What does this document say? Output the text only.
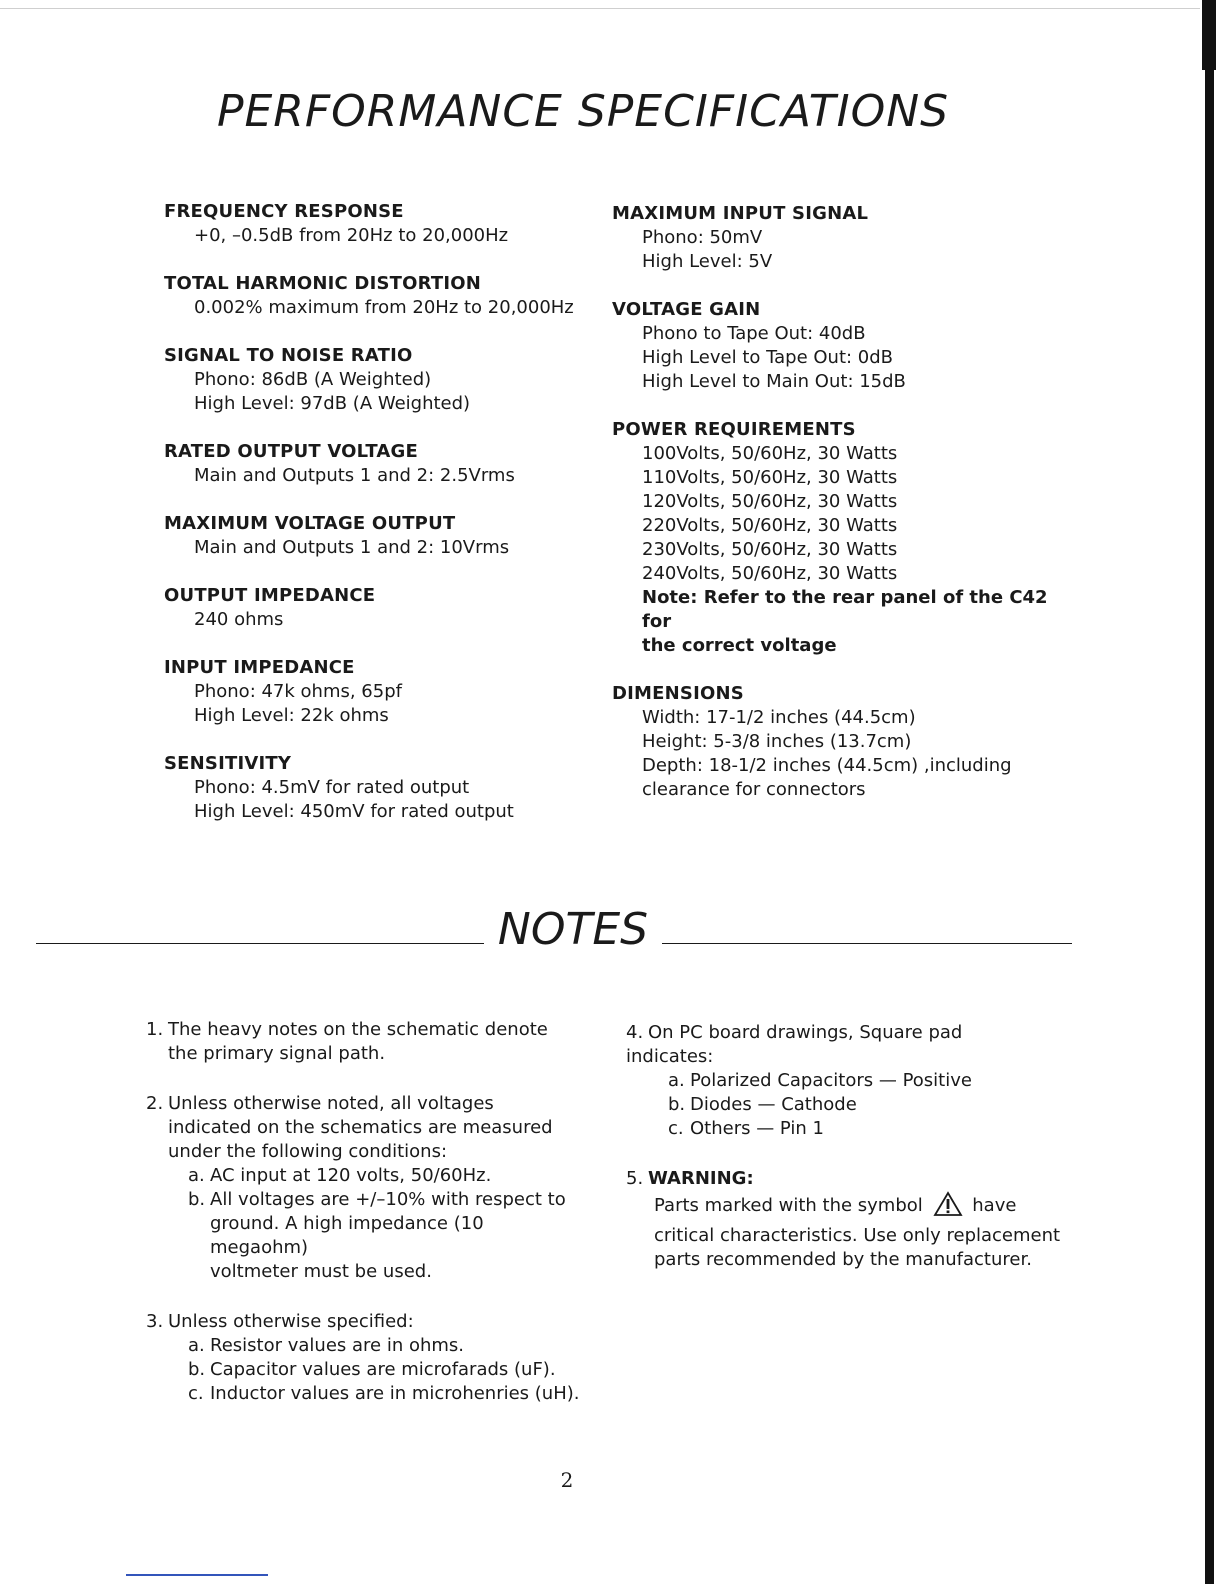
PERFORMANCE SPECIFICATIONS
FREQUENCY RESPONSE

+0, –0.5dB from 20Hz to 20,000Hz

TOTAL HARMONIC DISTORTION

0.002% maximum from 20Hz to 20,000Hz

SIGNAL TO NOISE RATIO

Phono: 86dB (A Weighted)

High Level: 97dB (A Weighted)

RATED OUTPUT VOLTAGE

Main and Outputs 1 and 2: 2.5Vrms

MAXIMUM VOLTAGE OUTPUT

Main and Outputs 1 and 2: 10Vrms

OUTPUT IMPEDANCE

240 ohms

INPUT IMPEDANCE

Phono: 47k ohms, 65pf

High Level: 22k ohms

SENSITIVITY

Phono: 4.5mV for rated output

High Level: 450mV for rated output

MAXIMUM INPUT SIGNAL

Phono: 50mV

High Level: 5V

VOLTAGE GAIN

Phono to Tape Out: 40dB

High Level to Tape Out: 0dB

High Level to Main Out: 15dB

POWER REQUIREMENTS

100Volts, 50/60Hz, 30 Watts

110Volts, 50/60Hz, 30 Watts

120Volts, 50/60Hz, 30 Watts

220Volts, 50/60Hz, 30 Watts

230Volts, 50/60Hz, 30 Watts

240Volts, 50/60Hz, 30 Watts

Note: Refer to the rear panel of the C42 for

the correct voltage

DIMENSIONS

Width: 17-1/2 inches (44.5cm)

Height: 5-3/8 inches (13.7cm)

Depth: 18-1/2 inches (44.5cm) ,including

clearance for connectors

NOTES
1. The heavy notes on the schematic denote
the primary signal path.
2. Unless otherwise noted, all voltages
indicated on the schematics are measured
under the following conditions:
a. AC input at 120 volts, 50/60Hz.
b. All voltages are +/–10% with respect to
ground. A high impedance (10 megaohm)
voltmeter must be used.
3. Unless otherwise specified:
a. Resistor values are in ohms.
b. Capacitor values are microfarads (uF).
c. Inductor values are in microhenries (uH).
4. On PC board drawings, Square pad
indicates:
a. Polarized Capacitors — Positive
b. Diodes — Cathode
c. Others — Pin 1
5. WARNING:
Parts marked with the symbol	have
critical characteristics. Use only replacement
parts recommended by the manufacturer.
2
